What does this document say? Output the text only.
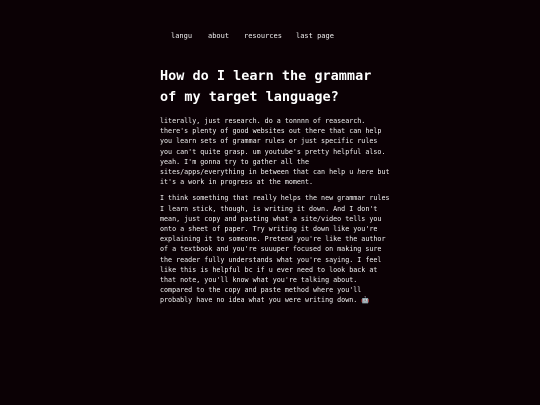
langu about resources last page
How do I learn the grammar
of my target language?

literally, just research. do a tonnnn of reasearch.
there's plenty of good websites out there that can help
you learn sets of grammar rules or just specific rules
you can't quite grasp. um youtube's pretty helpful also.
yeah. I'm gonna try to gather all the
sites/apps/everything in between that can help u here but
it's a work in progress at the moment.

I think something that really helps the new grammar rules
I learn stick, though, is writing it down. And I don't
mean, just copy and pasting what a site/video tells you
onto a sheet of paper. Try writing it down like you're
explaining it to someone. Pretend you're like the author
of a textbook and you're suuuper focused on making sure
the reader fully understands what you're saying. I feel
like this is helpful bc if u ever need to look back at
that note, you'll know what you're talking about.
compared to the copy and paste method where you'll
probably have no idea what you were writing down. 🤖
